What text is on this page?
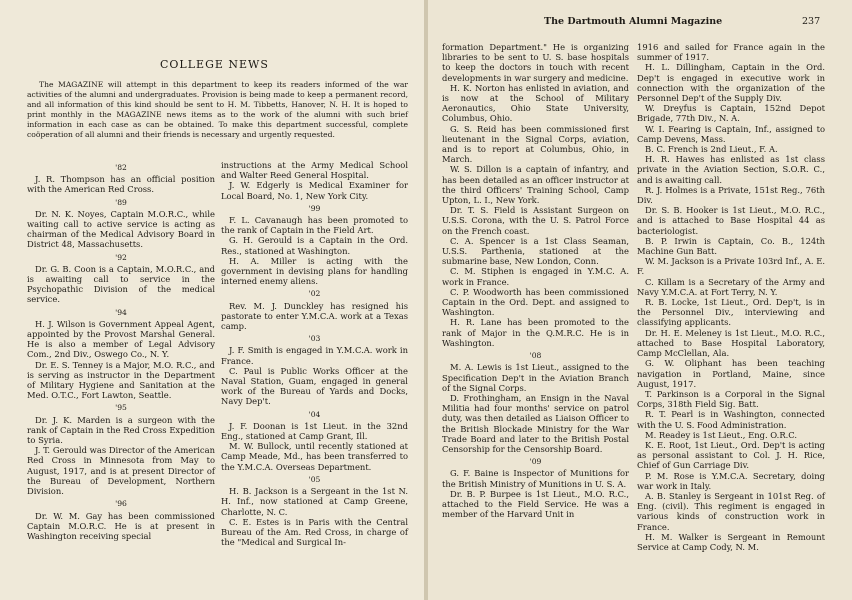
The Dartmouth Alumni Magazine	237
COLLEGE NEWS
The MAGAZINE will attempt in this department to keep its readers informed of the war activities of the alumni and undergraduates. Provision is being made to keep a permanent record, and all information of this kind should be sent to H. M. Tibbetts, Hanover, N. H. It is hoped to print monthly in the MAGAZINE news items as to the work of the alumni with such brief information in each case as can be obtained. To make this department successful, complete coöperation of all alumni and their friends is necessary and urgently requested.

'82

J. R. Thompson has an official position with the American Red Cross.

'89

Dr. N. K. Noyes, Captain M.O.R.C., while waiting call to active service is acting as chairman of the Medical Advisory Board in District 48, Massachusetts.

'92

Dr. G. B. Coon is a Captain, M.O.R.C., and is awaiting call to service in the Psychopathic Division of the medical service.

'94

H. J. Wilson is Government Appeal Agent, appointed by the Provost Marshal General. He is also a member of Legal Advisory Com., 2nd Div., Oswego Co., N. Y.

Dr. E. S. Tenney is a Major, M.O. R.C., and is serving as instructor in the Department of Military Hygiene and Sanitation at the Med. O.T.C., Fort Lawton, Seattle.

'95

Dr. J. K. Marden is a surgeon with the rank of Captain in the Red Cross Expedition to Syria.

J. T. Gerould was Director of the American Red Cross in Minnesota from May to August, 1917, and is at present Director of the Bureau of Development, Northern Division.

'96

Dr. W. M. Gay has been commissioned Captain M.O.R.C. He is at present in Washington receiving special

instructions at the Army Medical School and Walter Reed General Hospital.

J. W. Edgerly is Medical Examiner for Local Board, No. 1, New York City.

'99

F. L. Cavanaugh has been promoted to the rank of Captain in the Field Art.

G. H. Gerould is a Captain in the Ord. Res., stationed at Washington.

H. A. Miller is acting with the government in devising plans for handling interned enemy aliens.

'02

Rev. M. J. Dunckley has resigned his pastorate to enter Y.M.C.A. work at a Texas camp.

'03

J. F. Smith is engaged in Y.M.C.A. work in France.

C. Paul is Public Works Officer at the Naval Station, Guam, engaged in general work of the Bureau of Yards and Docks, Navy Dep't.

'04

J. F. Doonan is 1st Lieut. in the 32nd Eng., stationed at Camp Grant, Ill.

M. W. Bullock, until recently stationed at Camp Meade, Md., has been transferred to the Y.M.C.A. Overseas Department.

'05

H. B. Jackson is a Sergeant in the 1st N. H. Inf., now stationed at Camp Greene, Charlotte, N. C.

C. E. Estes is in Paris with the Central Bureau of the Am. Red Cross, in charge of the "Medical and Surgical In-

formation Department." He is organizing libraries to be sent to U. S. base hospitals to keep the doctors in touch with recent developments in war surgery and medicine.

H. K. Norton has enlisted in aviation, and is now at the School of Military Aeronautics, Ohio State University, Columbus, Ohio.

G. S. Reid has been commissioned first lieutenant in the Signal Corps, aviation, and is to report at Columbus, Ohio, in March.

W. S. Dillon is a captain of infantry, and has been detailed as an officer instructor at the third Officers' Training School, Camp Upton, L. I., New York.

Dr. T. S. Field is Assistant Surgeon on U.S.S. Corona, with the U. S. Patrol Force on the French coast.

C. A. Spencer is a 1st Class Seaman, U.S.S. Parthenia, stationed at the submarine base, New London, Conn.

C. M. Stiphen is engaged in Y.M.C. A. work in France.

C. P. Woodworth has been commissioned Captain in the Ord. Dept. and assigned to Washington.

H. R. Lane has been promoted to the rank of Major in the Q.M.R.C. He is in Washington.

'08

M. A. Lewis is 1st Lieut., assigned to the Specification Dep't in the Aviation Branch of the Signal Corps.

D. Frothingham, an Ensign in the Naval Militia had four months' service on patrol duty, was then detailed as Liaison Officer to the British Blockade Ministry for the War Trade Board and later to the British Postal Censorship for the Censorship Board.

'09

G. F. Baine is Inspector of Munitions for the British Ministry of Munitions in U. S. A.

Dr. B. P. Burpee is 1st Lieut., M.O. R.C., attached to the Field Service. He was a member of the Harvard Unit in

1916 and sailed for France again in the summer of 1917.

H. L. Dillingham, Captain in the Ord. Dep't is engaged in executive work in connection with the organization of the Personnel Dep't of the Supply Div.

W. Dreyfus is Captain, 152nd Depot Brigade, 77th Div., N. A.

W. I. Fearing is Captain, Inf., assigned to Camp Devens, Mass.

B. C. French is 2nd Lieut., F. A.

H. R. Hawes has enlisted as 1st class private in the Aviation Section, S.O.R. C., and is awaiting call.

R. J. Holmes is a Private, 151st Reg., 76th Div.

Dr. S. B. Hooker is 1st Lieut., M.O. R.C., and is attached to Base Hospital 44 as bacteriologist.

B. P. Irwin is Captain, Co. B., 124th Machine Gun Batt.

W. M. Jackson is a Private 103rd Inf., A. E. F.

C. Killam is a Secretary of the Army and Navy Y.M.C.A. at Fort Terry, N. Y.

R. B. Locke, 1st Lieut., Ord. Dep't, is in the Personnel Div., interviewing and classifying applicants.

Dr. H. E. Meleney is 1st Lieut., M.O. R.C., attached to Base Hospital Laboratory, Camp McClellan, Ala.

G. W. Oliphant has been teaching navigation in Portland, Maine, since August, 1917.

T. Parkinson is a Corporal in the Signal Corps, 318th Field Sig. Batt.

R. T. Pearl is in Washington, connected with the U. S. Food Administration.

M. Readey is 1st Lieut., Eng. O.R.C.

K. E. Root, 1st Lieut., Ord. Dep't is acting as personal assistant to Col. J. H. Rice, Chief of Gun Carriage Div.

P. M. Rose is Y.M.C.A. Secretary, doing war work in Italy.

A. B. Stanley is Sergeant in 101st Reg. of Eng. (civil). This regiment is engaged in various kinds of construction work in France.

H. M. Walker is Sergeant in Remount Service at Camp Cody, N. M.
